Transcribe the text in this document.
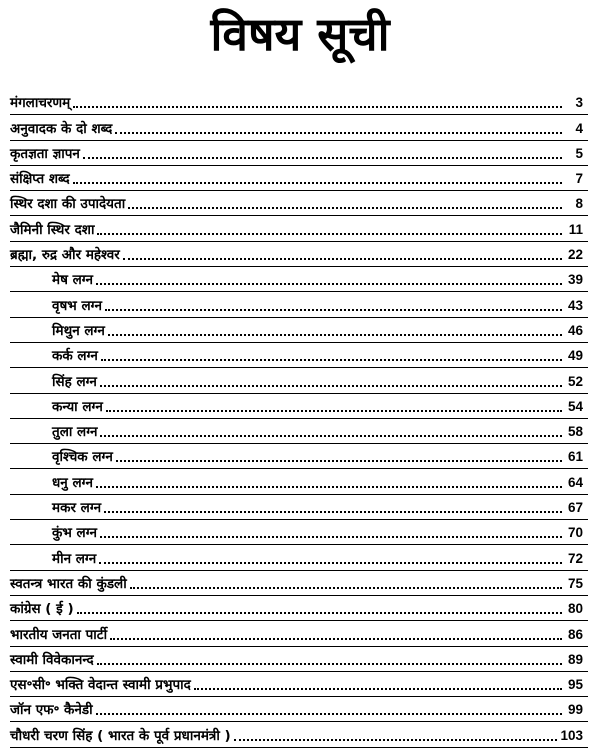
विषय सूची
मंगलाचरणम्	3
अनुवादक के दो शब्द	4
कृतज्ञता ज्ञापन	5
संक्षिप्त शब्द	7
स्थिर दशा की उपादेयता	8
जैमिनी स्थिर दशा	11
ब्रह्मा, रुद्र और महेश्वर	22
मेष लग्न	39
वृषभ लग्न	43
मिथुन लग्न	46
कर्क लग्न	49
सिंह लग्न	52
कन्या लग्न	54
तुला लग्न	58
वृश्चिक लग्न	61
धनु लग्न	64
मकर लग्न	67
कुंभ लग्न	70
मीन लग्न	72
स्वतन्त्र भारत की कुंडली	75
कांग्रेस ( ई )	80
भारतीय जनता पार्टी	86
स्वामी विवेकानन्द	89
एस॰सी॰ भक्ति वेदान्त स्वामी प्रभुपाद	95
जॉन एफ॰ कैनेडी	99
चौधरी चरण सिंह ( भारत के पूर्व प्रधानमंत्री )	103
